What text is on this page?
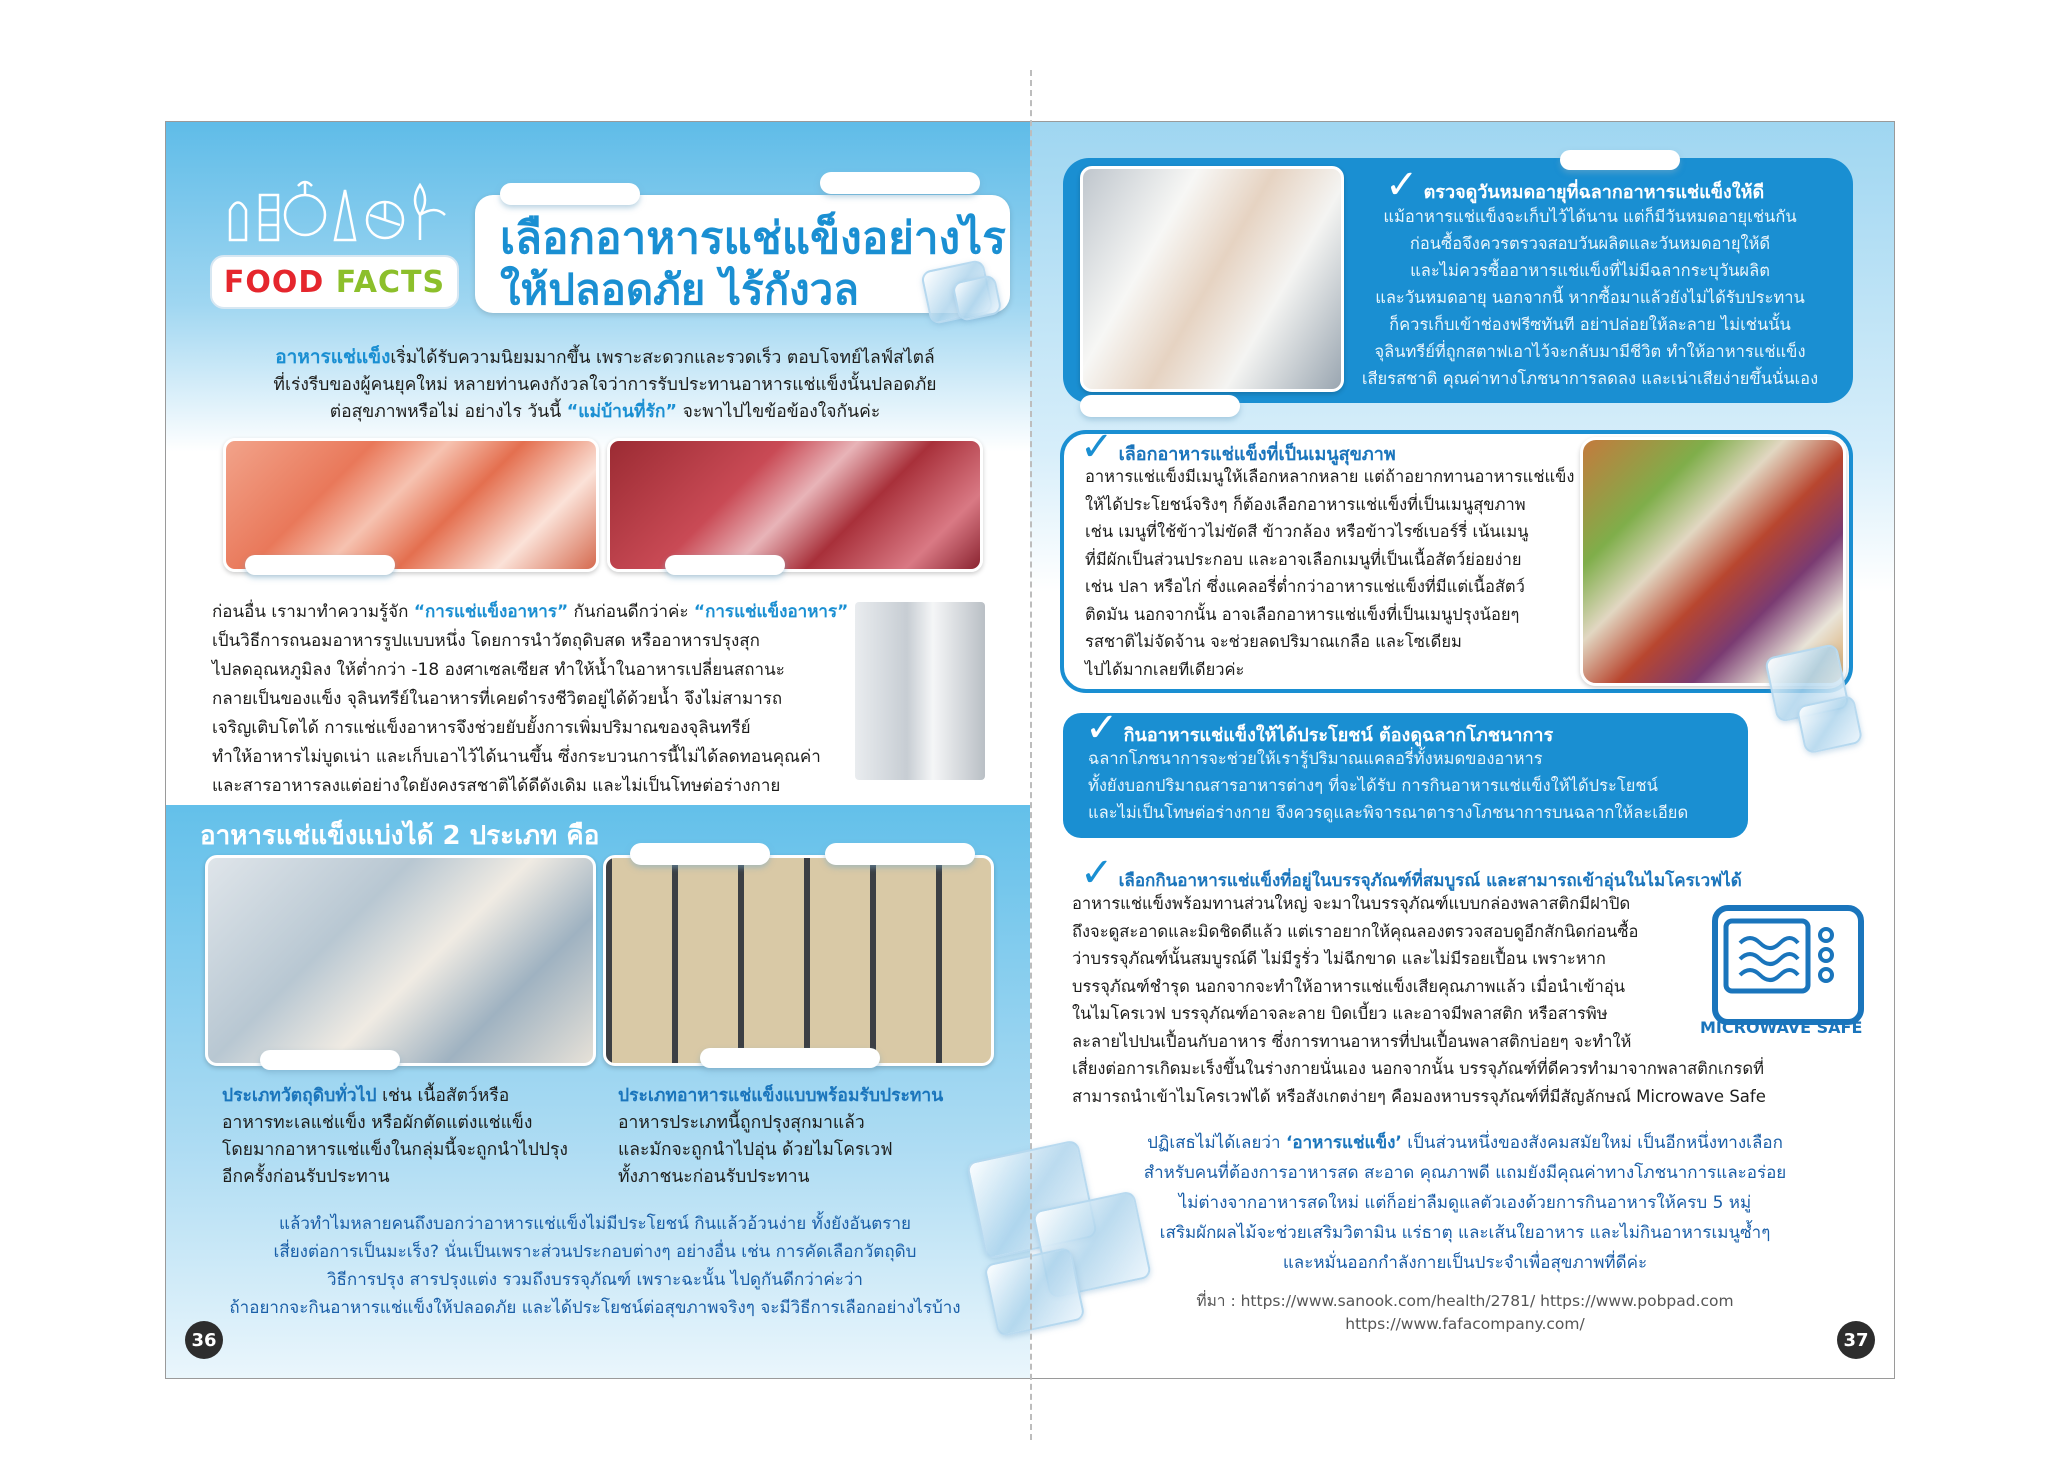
FOOD
FACTS
เลือกอาหารแช่แข็งอย่างไร
ให้ปลอดภัย ไร้กังวล
อาหารแช่แข็งเริ่มได้รับความนิยมมากขึ้น เพราะสะดวกและรวดเร็ว ตอบโจทย์ไลฟ์สไตล์
ที่เร่งรีบของผู้คนยุคใหม่ หลายท่านคงกังวลใจว่าการรับประทานอาหารแช่แข็งนั้นปลอดภัย
ต่อสุขภาพหรือไม่ อย่างไร วันนี้ “แม่บ้านที่รัก” จะพาไปไขข้อข้องใจกันค่ะ
ก่อนอื่น เรามาทำความรู้จัก “การแช่แข็งอาหาร” กันก่อนดีกว่าค่ะ “การแช่แข็งอาหาร”
เป็นวิธีการถนอมอาหารรูปแบบหนึ่ง โดยการนำวัตถุดิบสด หรืออาหารปรุงสุก
ไปลดอุณหภูมิลง ให้ต่ำกว่า -18 องศาเซลเซียส ทำให้น้ำในอาหารเปลี่ยนสถานะ
กลายเป็นของแข็ง จุลินทรีย์ในอาหารที่เคยดำรงชีวิตอยู่ได้ด้วยน้ำ จึงไม่สามารถ
เจริญเติบโตได้ การแช่แข็งอาหารจึงช่วยยับยั้งการเพิ่มปริมาณของจุลินทรีย์
ทำให้อาหารไม่บูดเน่า และเก็บเอาไว้ได้นานขึ้น ซึ่งกระบวนการนี้ไม่ได้ลดทอนคุณค่า
และสารอาหารลงแต่อย่างใดยังคงรสชาติได้ดีดังเดิม และไม่เป็นโทษต่อร่างกาย
อาหารแช่แข็งแบ่งได้ 2 ประเภท คือ
ประเภทวัตถุดิบทั่วไป เช่น เนื้อสัตว์หรือ
อาหารทะเลแช่แข็ง หรือผักตัดแต่งแช่แข็ง
โดยมากอาหารแช่แข็งในกลุ่มนี้จะถูกนำไปปรุง
อีกครั้งก่อนรับประทาน
ประเภทอาหารแช่แข็งแบบพร้อมรับประทาน
อาหารประเภทนี้ถูกปรุงสุกมาแล้ว
และมักจะถูกนำไปอุ่น ด้วยไมโครเวฟ
ทั้งภาชนะก่อนรับประทาน
แล้วทำไมหลายคนถึงบอกว่าอาหารแช่แข็งไม่มีประโยชน์ กินแล้วอ้วนง่าย ทั้งยังอันตราย
เสี่ยงต่อการเป็นมะเร็ง? นั่นเป็นเพราะส่วนประกอบต่างๆ อย่างอื่น เช่น การคัดเลือกวัตถุดิบ
วิธีการปรุง สารปรุงแต่ง รวมถึงบรรจุภัณฑ์ เพราะฉะนั้น ไปดูกันดีกว่าค่ะว่า
ถ้าอยากจะกินอาหารแช่แข็งให้ปลอดภัย และได้ประโยชน์ต่อสุขภาพจริงๆ จะมีวิธีการเลือกอย่างไรบ้าง
36
✓ ตรวจดูวันหมดอายุที่ฉลากอาหารแช่แข็งให้ดี
แม้อาหารแช่แข็งจะเก็บไว้ได้นาน แต่ก็มีวันหมดอายุเช่นกัน
ก่อนซื้อจึงควรตรวจสอบวันผลิตและวันหมดอายุให้ดี
และไม่ควรซื้ออาหารแช่แข็งที่ไม่มีฉลากระบุวันผลิต
และวันหมดอายุ นอกจากนี้ หากซื้อมาแล้วยังไม่ได้รับประทาน
ก็ควรเก็บเข้าช่องฟรีซทันที อย่าปล่อยให้ละลาย ไม่เช่นนั้น
จุลินทรีย์ที่ถูกสตาฟเอาไว้จะกลับมามีชีวิต ทำให้อาหารแช่แข็ง
เสียรสชาติ คุณค่าทางโภชนาการลดลง และเน่าเสียง่ายขึ้นนั่นเอง
✓ เลือกอาหารแช่แข็งที่เป็นเมนูสุขภาพ
อาหารแช่แข็งมีเมนูให้เลือกหลากหลาย แต่ถ้าอยากทานอาหารแช่แข็ง
ให้ได้ประโยชน์จริงๆ ก็ต้องเลือกอาหารแช่แข็งที่เป็นเมนูสุขภาพ
เช่น เมนูที่ใช้ข้าวไม่ขัดสี ข้าวกล้อง หรือข้าวไรซ์เบอร์รี่ เน้นเมนู
ที่มีผักเป็นส่วนประกอบ และอาจเลือกเมนูที่เป็นเนื้อสัตว์ย่อยง่าย
เช่น ปลา หรือไก่ ซึ่งแคลอรี่ต่ำกว่าอาหารแช่แข็งที่มีแต่เนื้อสัตว์
ติดมัน นอกจากนั้น อาจเลือกอาหารแช่แข็งที่เป็นเมนูปรุงน้อยๆ
รสชาติไม่จัดจ้าน จะช่วยลดปริมาณเกลือ และโซเดียม
ไปได้มากเลยทีเดียวค่ะ
✓ กินอาหารแช่แข็งให้ได้ประโยชน์ ต้องดูฉลากโภชนาการ
ฉลากโภชนาการจะช่วยให้เรารู้ปริมาณแคลอรี่ทั้งหมดของอาหาร
ทั้งยังบอกปริมาณสารอาหารต่างๆ ที่จะได้รับ การกินอาหารแช่แข็งให้ได้ประโยชน์
และไม่เป็นโทษต่อร่างกาย จึงควรดูและพิจารณาตารางโภชนาการบนฉลากให้ละเอียด
✓ เลือกกินอาหารแช่แข็งที่อยู่ในบรรจุภัณฑ์ที่สมบูรณ์ และสามารถเข้าอุ่นในไมโครเวฟได้
อาหารแช่แข็งพร้อมทานส่วนใหญ่ จะมาในบรรจุภัณฑ์แบบกล่องพลาสติกมีฝาปิด
ถึงจะดูสะอาดและมิดชิดดีแล้ว แต่เราอยากให้คุณลองตรวจสอบดูอีกสักนิดก่อนซื้อ
ว่าบรรจุภัณฑ์นั้นสมบูรณ์ดี ไม่มีรูรั่ว ไม่ฉีกขาด และไม่มีรอยเปื้อน เพราะหาก
บรรจุภัณฑ์ชำรุด นอกจากจะทำให้อาหารแช่แข็งเสียคุณภาพแล้ว เมื่อนำเข้าอุ่น
ในไมโครเวฟ บรรจุภัณฑ์อาจละลาย บิดเบี้ยว และอาจมีพลาสติก หรือสารพิษ
ละลายไปปนเปื้อนกับอาหาร ซึ่งการทานอาหารที่ปนเปื้อนพลาสติกบ่อยๆ จะทำให้
เสี่ยงต่อการเกิดมะเร็งขึ้นในร่างกายนั่นเอง นอกจากนั้น บรรจุภัณฑ์ที่ดีควรทำมาจากพลาสติกเกรดที่
สามารถนำเข้าไมโครเวฟได้ หรือสังเกตง่ายๆ คือมองหาบรรจุภัณฑ์ที่มีสัญลักษณ์ Microwave Safe
MICROWAVE SAFE
ปฏิเสธไม่ได้เลยว่า ‘อาหารแช่แข็ง’ เป็นส่วนหนึ่งของสังคมสมัยใหม่ เป็นอีกหนึ่งทางเลือก
สำหรับคนที่ต้องการอาหารสด สะอาด คุณภาพดี แถมยังมีคุณค่าทางโภชนาการและอร่อย
ไม่ต่างจากอาหารสดใหม่ แต่ก็อย่าลืมดูแลตัวเองด้วยการกินอาหารให้ครบ 5 หมู่
เสริมผักผลไม้จะช่วยเสริมวิตามิน แร่ธาตุ และเส้นใยอาหาร และไม่กินอาหารเมนูซ้ำๆ
และหมั่นออกกำลังกายเป็นประจำเพื่อสุขภาพที่ดีค่ะ
ที่มา : https://www.sanook.com/health/2781/ https://www.pobpad.com
https://www.fafacompany.com/
37
